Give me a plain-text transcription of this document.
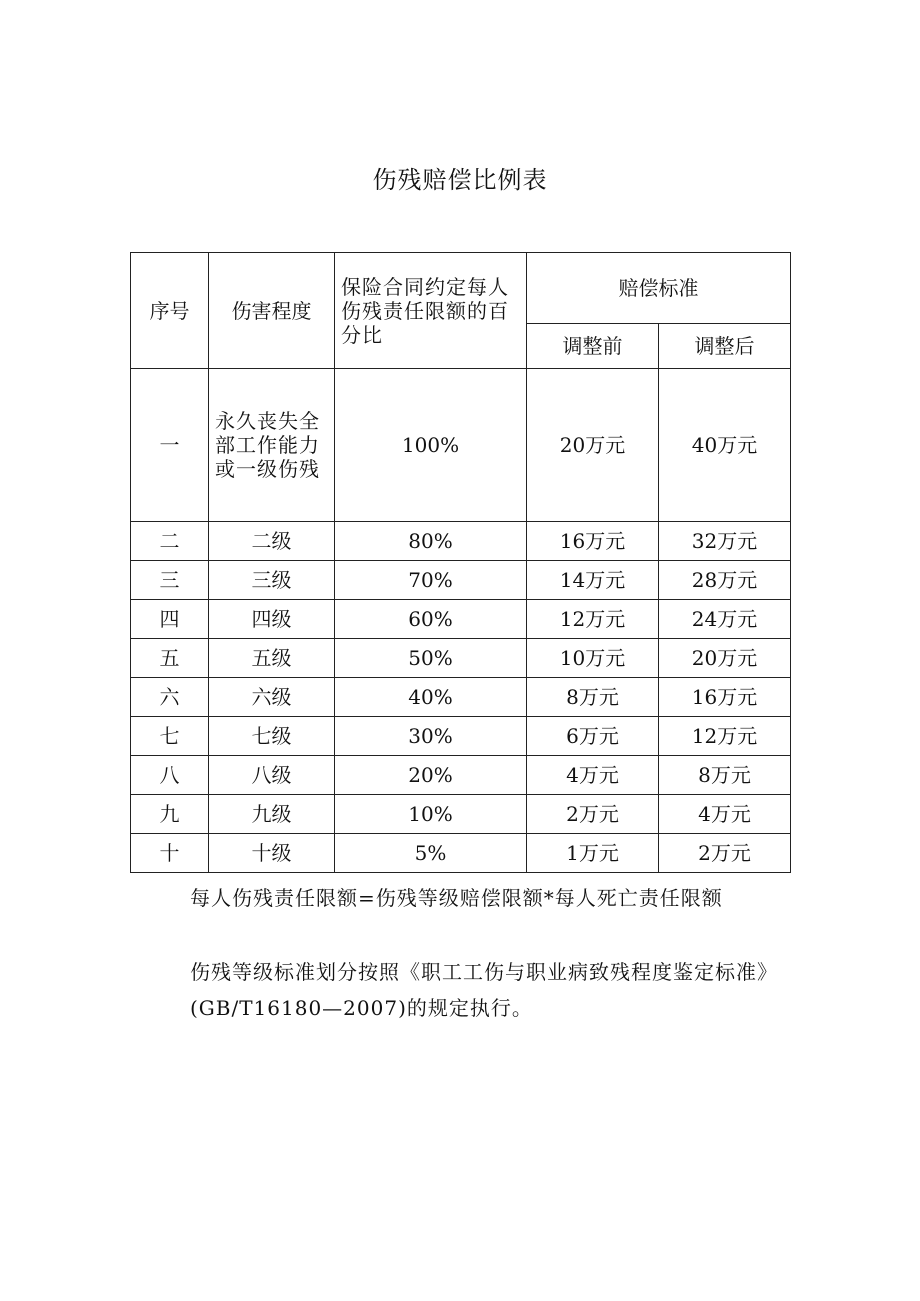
伤残赔偿比例表
序号	伤害程度	保险合同约定每人伤残责任限额的百分比	赔偿标准	
			调整前	调整后
一	永久丧失全部工作能力或一级伤残	100%	20万元	40万元
二	二级	80%	16万元	32万元
三	三级	70%	14万元	28万元
四	四级	60%	12万元	24万元
五	五级	50%	10万元	20万元
六	六级	40%	8万元	16万元
七	七级	30%	6万元	12万元
八	八级	20%	4万元	8万元
九	九级	10%	2万元	4万元
十	十级	5%	1万元	2万元
每人伤残责任限额=伤残等级赔偿限额*每人死亡责任限额
伤残等级标准划分按照《职工工伤与职业病致残程度鉴定标准》(GB/T16180—2007)的规定执行。
